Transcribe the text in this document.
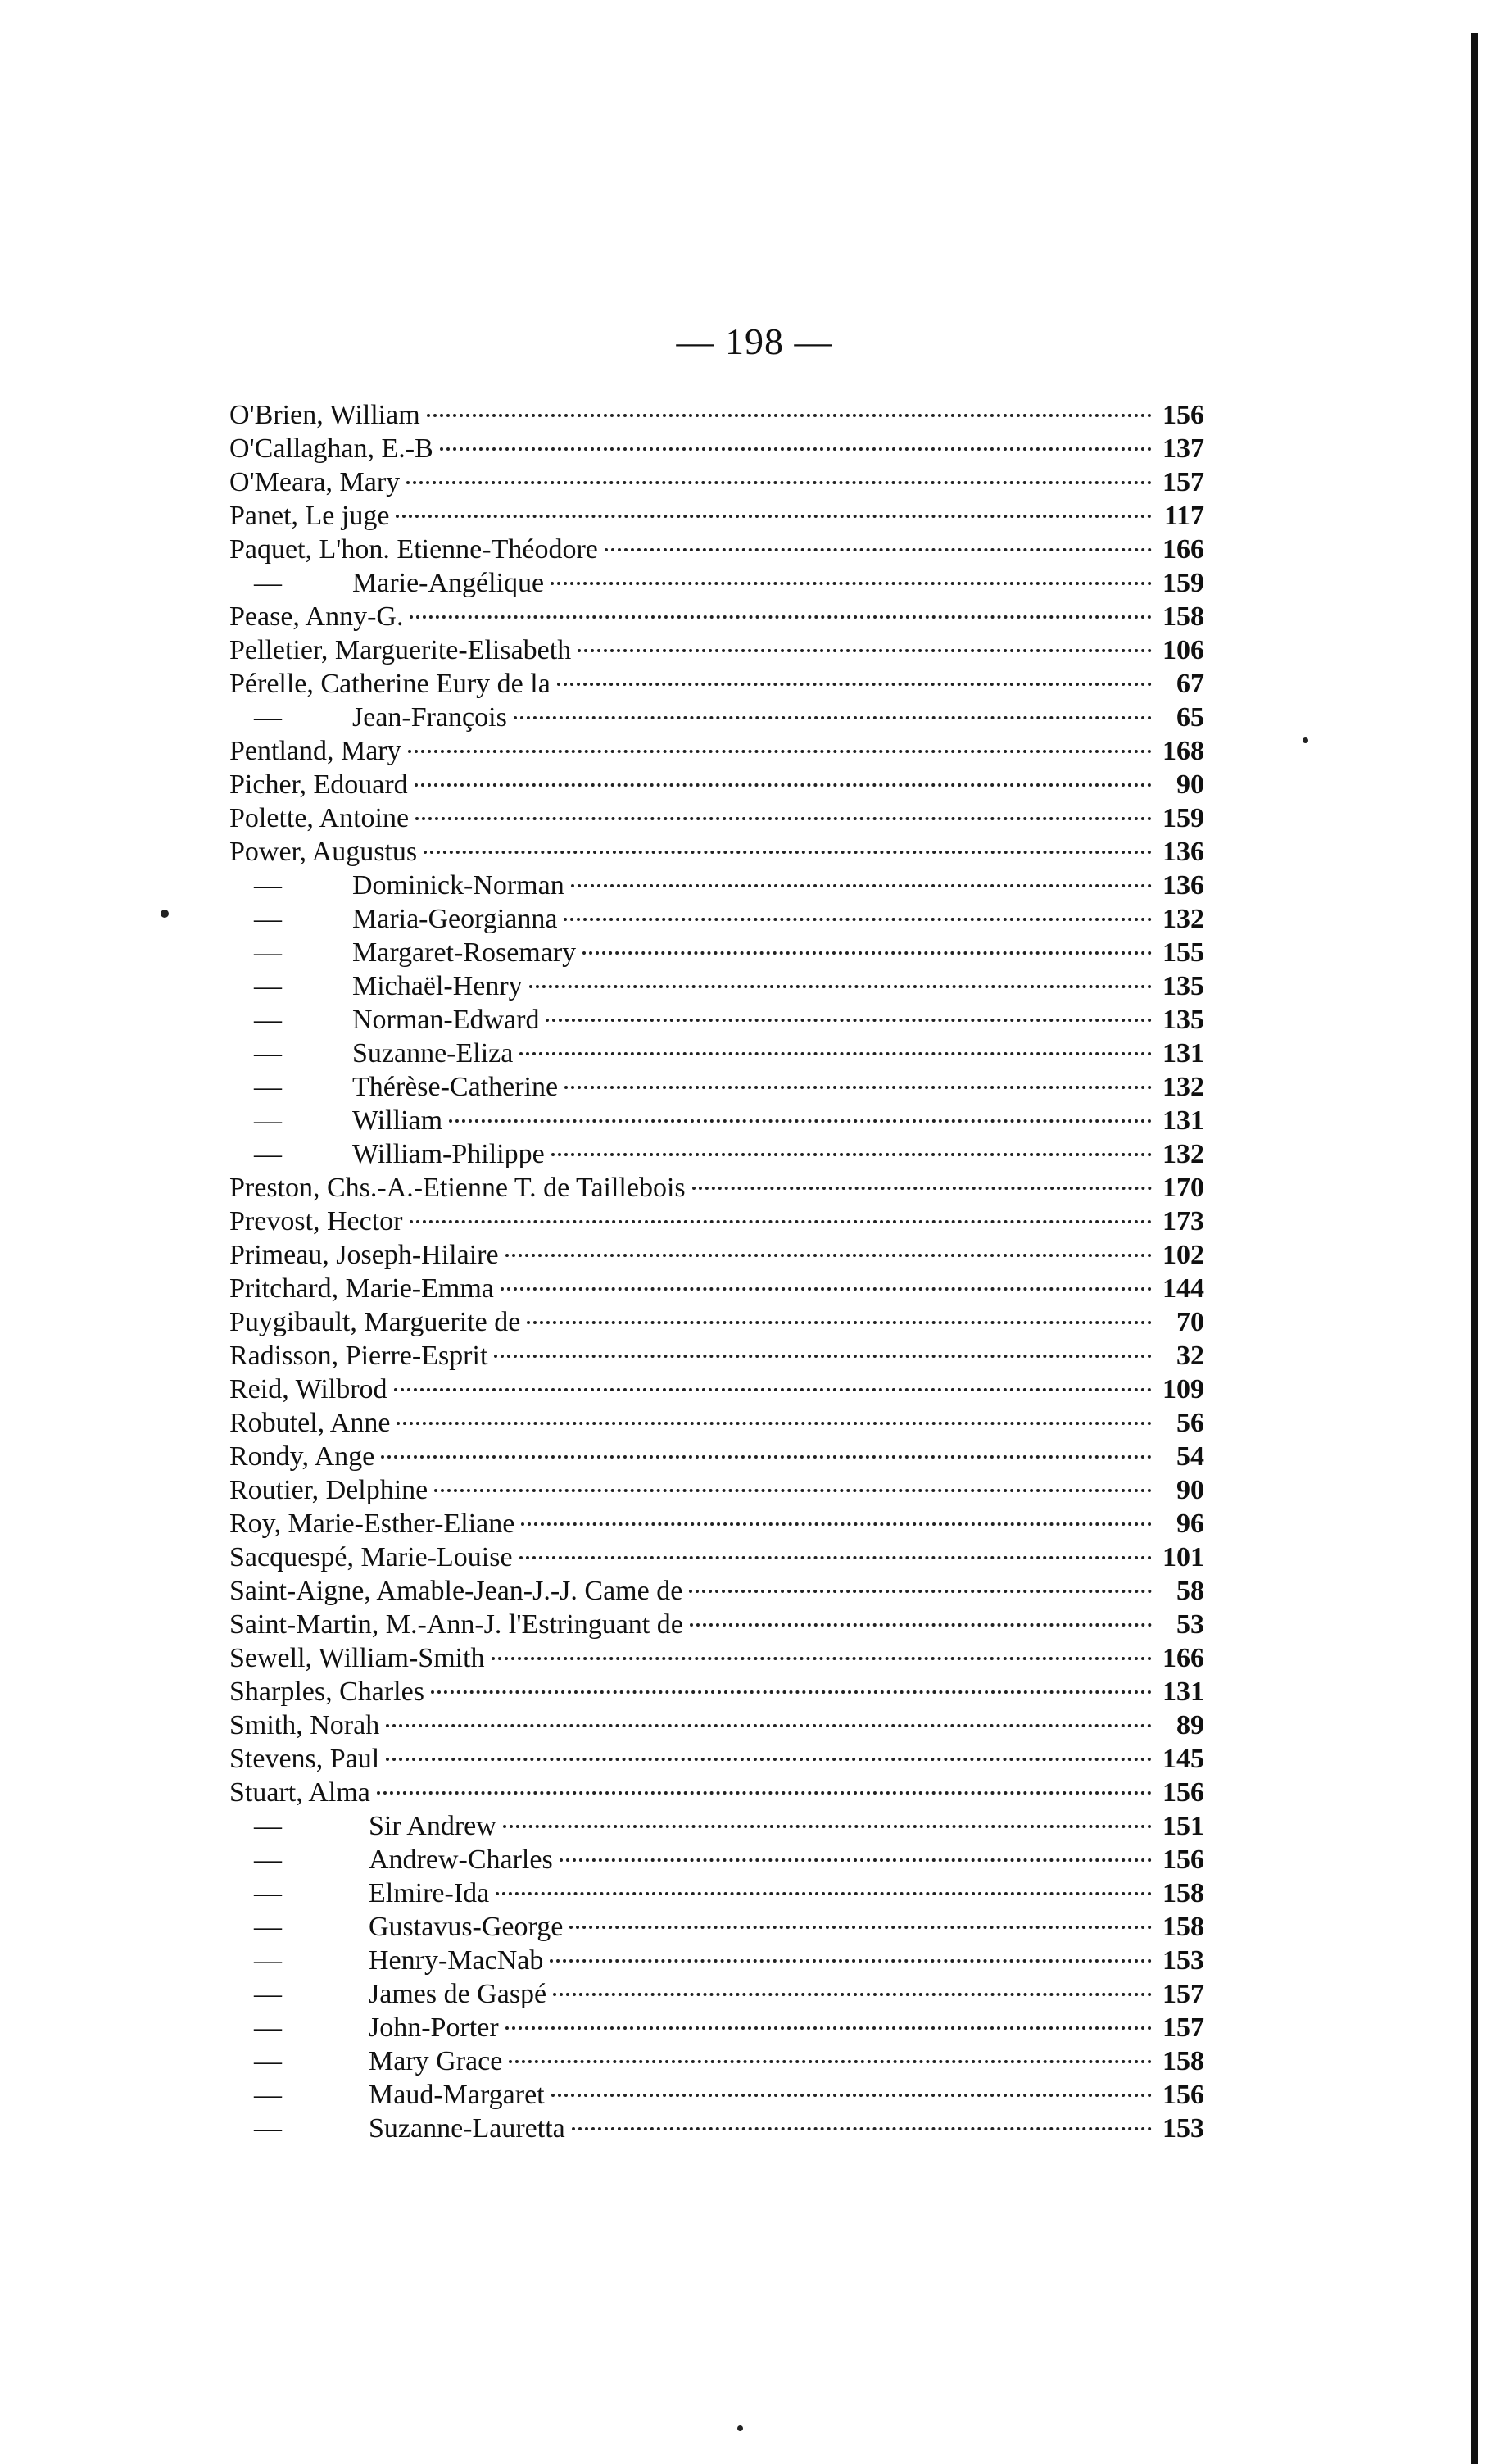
— 198 —
O'Brien, William	156
O'Callaghan, E.-B	137
O'Meara, Mary	157
Panet, Le juge	117
Paquet, L'hon. Etienne-Théodore	166
—	Marie-Angélique	159
Pease, Anny-G.	158
Pelletier, Marguerite-Elisabeth	106
Pérelle, Catherine Eury de la	67
—	Jean-François	65
Pentland, Mary	168
Picher, Edouard	90
Polette, Antoine	159
Power, Augustus	136
—	Dominick-Norman	136
—	Maria-Georgianna	132
—	Margaret-Rosemary	155
—	Michaël-Henry	135
—	Norman-Edward	135
—	Suzanne-Eliza	131
—	Thérèse-Catherine	132
—	William	131
—	William-Philippe	132
Preston, Chs.-A.-Etienne T. de Taillebois	170
Prevost, Hector	173
Primeau, Joseph-Hilaire	102
Pritchard, Marie-Emma	144
Puygibault, Marguerite de	70
Radisson, Pierre-Esprit	32
Reid, Wilbrod	109
Robutel, Anne	56
Rondy, Ange	54
Routier, Delphine	90
Roy, Marie-Esther-Eliane	96
Sacquespé, Marie-Louise	101
Saint-Aigne, Amable-Jean-J.-J. Came de	58
Saint-Martin, M.-Ann-J. l'Estringuant de	53
Sewell, William-Smith	166
Sharples, Charles	131
Smith, Norah	89
Stevens, Paul	145
Stuart, Alma	156
—	Sir Andrew	151
—	Andrew-Charles	156
—	Elmire-Ida	158
—	Gustavus-George	158
—	Henry-MacNab	153
—	James de Gaspé	157
—	John-Porter	157
—	Mary Grace	158
—	Maud-Margaret	156
—	Suzanne-Lauretta	153
